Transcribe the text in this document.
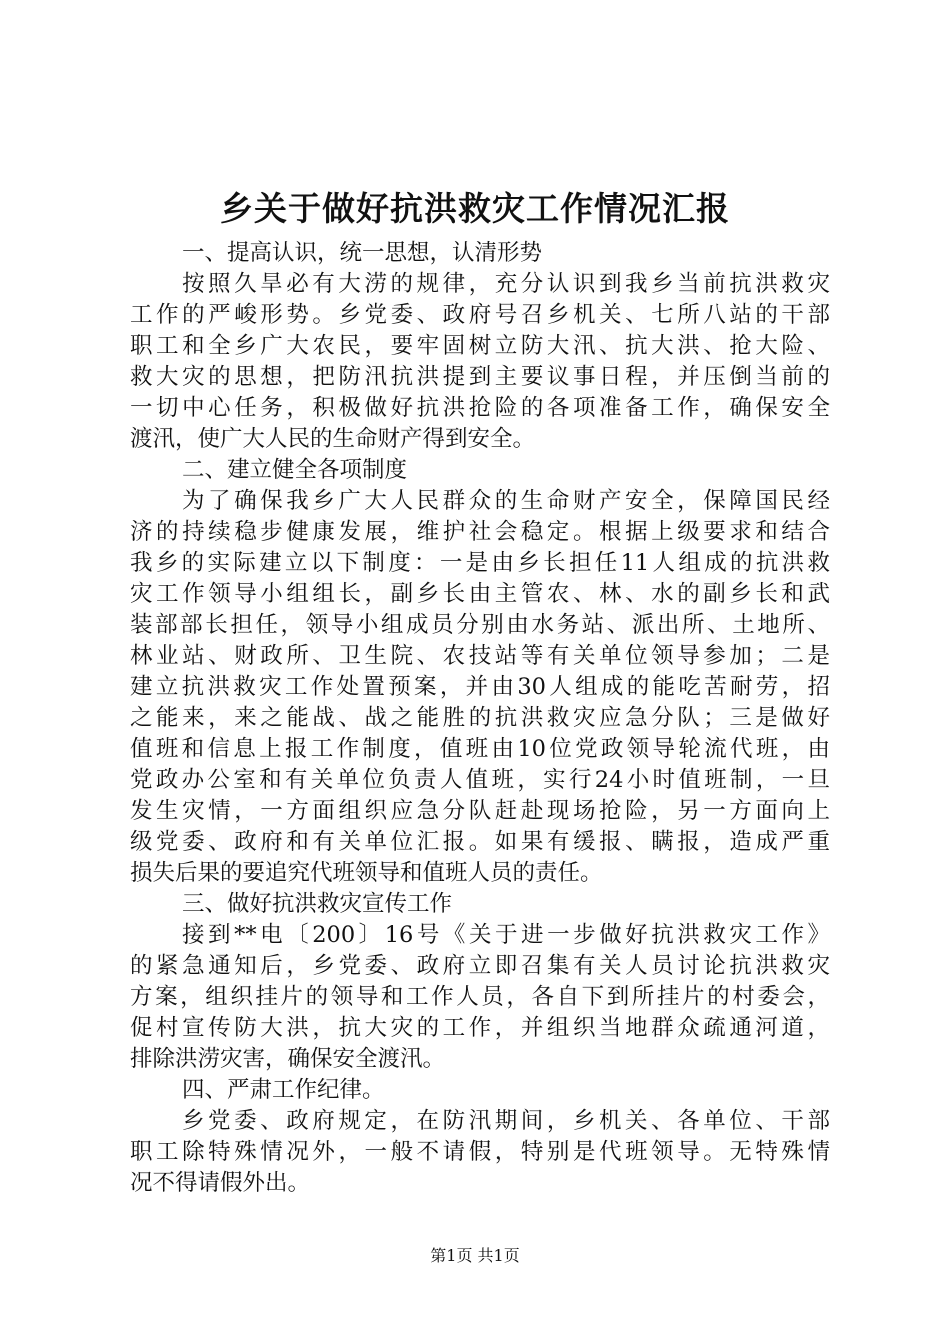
乡关于做好抗洪救灾工作情况汇报
一、提高认识，统一思想，认清形势
按照久旱必有大涝的规律，充分认识到我乡当前抗洪救灾
工作的严峻形势。乡党委、政府号召乡机关、七所八站的干部
职工和全乡广大农民，要牢固树立防大汛、抗大洪、抢大险、
救大灾的思想，把防汛抗洪提到主要议事日程，并压倒当前的
一切中心任务，积极做好抗洪抢险的各项准备工作，确保安全
渡汛，使广大人民的生命财产得到安全。
二、建立健全各项制度
为了确保我乡广大人民群众的生命财产安全，保障国民经
济的持续稳步健康发展，维护社会稳定。根据上级要求和结合
我乡的实际建立以下制度：一是由乡长担任11人组成的抗洪救
灾工作领导小组组长，副乡长由主管农、林、水的副乡长和武
装部部长担任，领导小组成员分别由水务站、派出所、土地所、
林业站、财政所、卫生院、农技站等有关单位领导参加；二是
建立抗洪救灾工作处置预案，并由30人组成的能吃苦耐劳，招
之能来，来之能战、战之能胜的抗洪救灾应急分队；三是做好
值班和信息上报工作制度，值班由10位党政领导轮流代班，由
党政办公室和有关单位负责人值班，实行24小时值班制，一旦
发生灾情，一方面组织应急分队赶赴现场抢险，另一方面向上
级党委、政府和有关单位汇报。如果有缓报、瞒报，造成严重
损失后果的要追究代班领导和值班人员的责任。
三、做好抗洪救灾宣传工作
接到**电〔200〕16号《关于进一步做好抗洪救灾工作》
的紧急通知后，乡党委、政府立即召集有关人员讨论抗洪救灾
方案，组织挂片的领导和工作人员，各自下到所挂片的村委会，
促村宣传防大洪，抗大灾的工作，并组织当地群众疏通河道，
排除洪涝灾害，确保安全渡汛。
四、严肃工作纪律。
乡党委、政府规定，在防汛期间，乡机关、各单位、干部
职工除特殊情况外，一般不请假，特别是代班领导。无特殊情
况不得请假外出。
第1页 共1页
